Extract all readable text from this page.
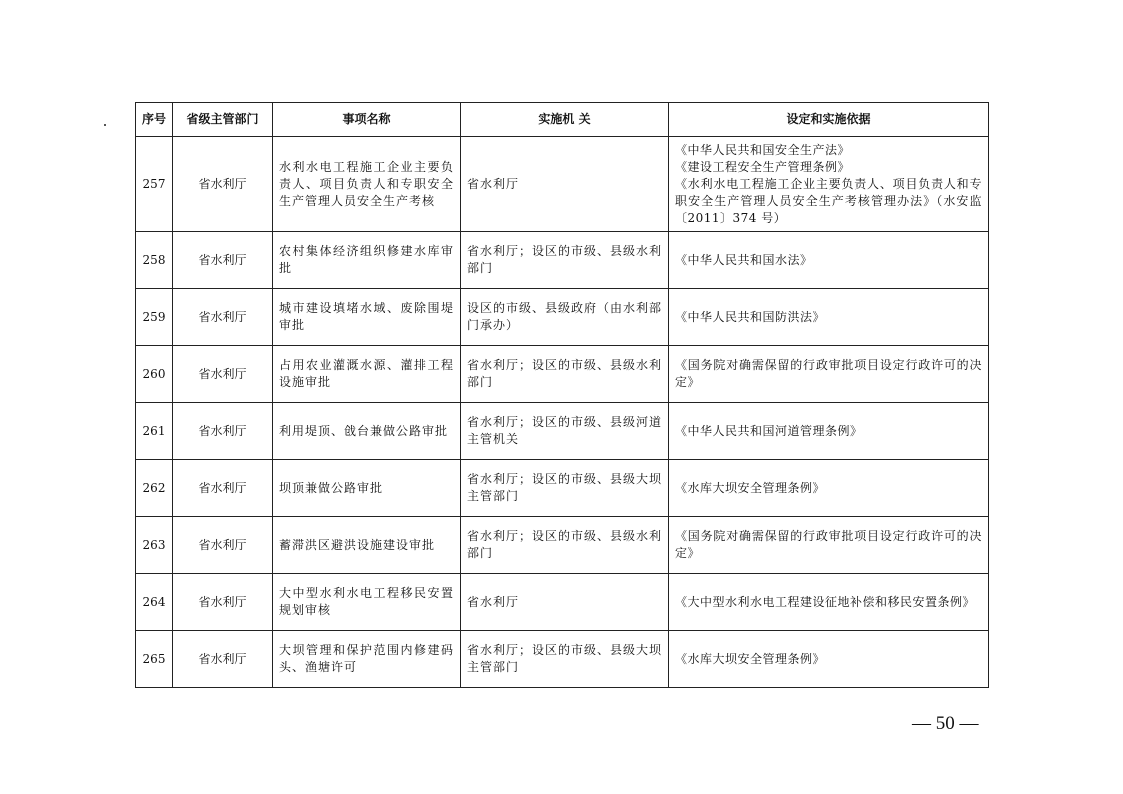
序号	省级主管部门	事项名称	实施机 关	设定和实施依据
257	省水利厅	水利水电工程施工企业主要负责人、项目负责人和专职安全生产管理人员安全生产考核	省水利厅	《中华人民共和国安全生产法》
《建设工程安全生产管理条例》
《水利水电工程施工企业主要负责人、项目负责人和专职安全生产管理人员安全生产考核管理办法》（水安监〔2011〕374 号）

258	省水利厅	农村集体经济组织修建水库审批	省水利厅；设区的市级、县级水利部门	《中华人民共和国水法》

259	省水利厅	城市建设填堵水域、废除围堤审批	设区的市级、县级政府（由水利部门承办）	《中华人民共和国防洪法》

260	省水利厅	占用农业灌溉水源、灌排工程设施审批	省水利厅；设区的市级、县级水利部门	《国务院对确需保留的行政审批项目设定行政许可的决定》

261	省水利厅	利用堤顶、戗台兼做公路审批	省水利厅；设区的市级、县级河道主管机关	《中华人民共和国河道管理条例》

262	省水利厅	坝顶兼做公路审批	省水利厅；设区的市级、县级大坝主管部门	《水库大坝安全管理条例》

263	省水利厅	蓄滞洪区避洪设施建设审批	省水利厅；设区的市级、县级水利部门	《国务院对确需保留的行政审批项目设定行政许可的决定》

264	省水利厅	大中型水利水电工程移民安置规划审核	省水利厅	《大中型水利水电工程建设征地补偿和移民安置条例》

265	省水利厅	大坝管理和保护范围内修建码头、渔塘许可	省水利厅；设区的市级、县级大坝主管部门	《水库大坝安全管理条例》
— 50 —
